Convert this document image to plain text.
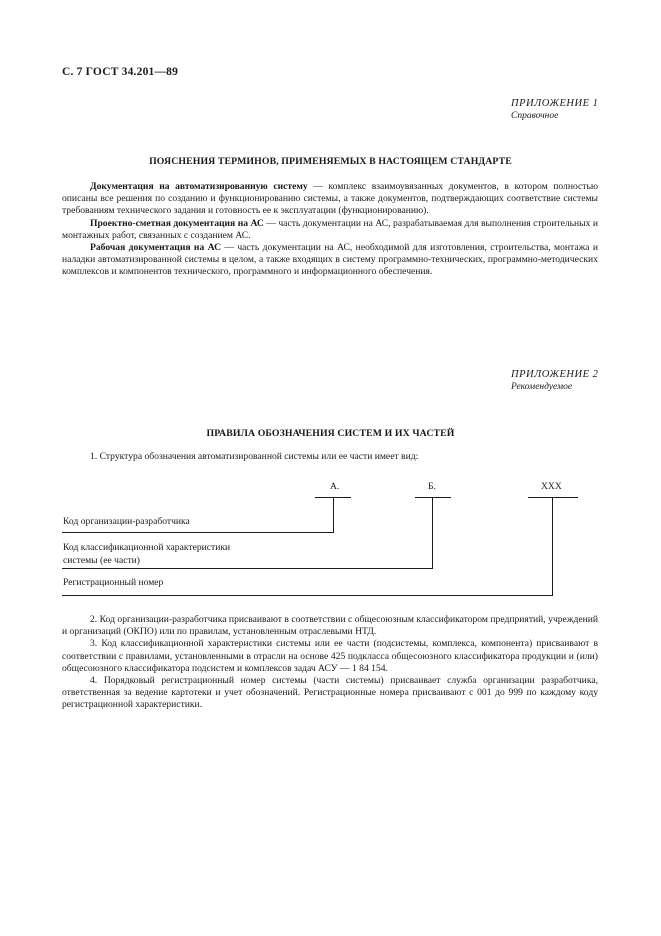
С. 7 ГОСТ 34.201—89
ПРИЛОЖЕНИЕ 1
Справочное
ПОЯСНЕНИЯ ТЕРМИНОВ, ПРИМЕНЯЕМЫХ В НАСТОЯЩЕМ СТАНДАРТЕ

Документация на автоматизированную систему — комплекс взаимоувязанных документов, в котором полностью описаны все решения по созданию и функционированию системы, а также документов, подтверждающих соответствие системы требованиям технического задания и готовность ее к эксплуатации (функционированию).

Проектно-сметная документация на АС — часть документации на АС, разрабатываемая для выполнения строительных и монтажных работ, связанных с созданием АС.

Рабочая документация на АС — часть документации на АС, необходимой для изготовления, строительства, монтажа и наладки автоматизированной системы в целом, а также входящих в систему программно-технических, программно-методических комплексов и компонентов технического, программного и информационного обеспечения.

ПРИЛОЖЕНИЕ 2
Рекомендуемое
ПРАВИЛА ОБОЗНАЧЕНИЯ СИСТЕМ И ИХ ЧАСТЕЙ

1. Структура обозначения автоматизированной системы или ее части имеет вид:

А.	Б.	ХХХ
Код организации-разработчика
Код классификационной характеристики
системы (ее части)
Регистрационный номер

2. Код организации-разработчика присваивают в соответствии с общесоюзным классификатором предприятий, учреждений и организаций (ОКПО) или по правилам, установленным отраслевыми НТД.

3. Код классификационной характеристики системы или ее части (подсистемы, комплекса, компонента) присваивают в соответствии с правилами, установленными в отрасли на основе 425 подкласса общесоюзного классификатора продукции и (или) общесоюзного классификатора подсистем и комплексов задач АСУ — 1 84 154.

4. Порядковый регистрационный номер системы (части системы) присваивает служба организации разработчика, ответственная за ведение картотеки и учет обозначений. Регистрационные номера присваивают с 001 до 999 по каждому коду регистрационной характеристики.
